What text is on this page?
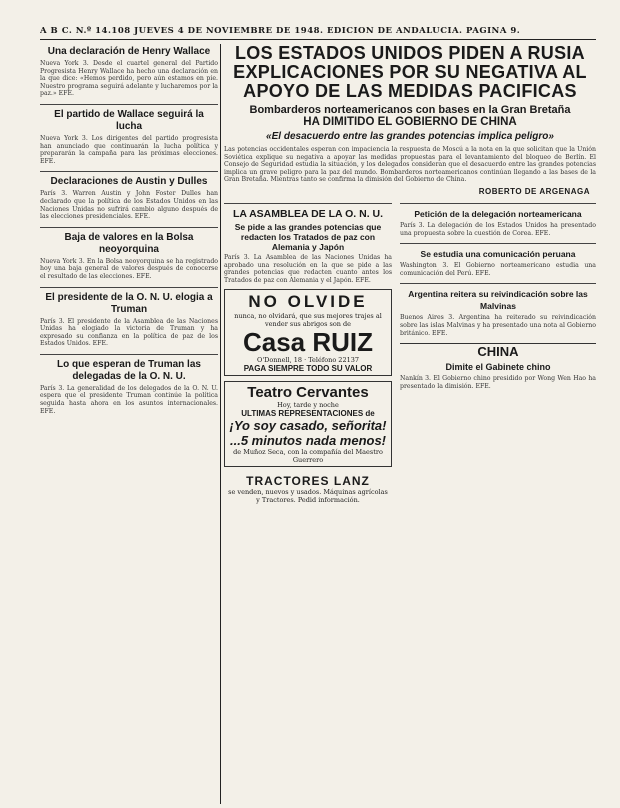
A B C. N.º 14.108 JUEVES 4 DE NOVIEMBRE DE 1948. EDICION DE ANDALUCIA. PAGINA 9.
Una declaración de Henry Wallace
Nueva York 3. Desde el cuartel general del Partido Progresista Henry Wallace ha hecho una declaración en la que dice: «Hemos perdido, pero aún estamos en pie. Nuestro programa seguirá adelante y lucharemos por la paz.» EFE.
El partido de Wallace seguirá la lucha
Nueva York 3. Los dirigentes del partido progresista han anunciado que continuarán la lucha política y prepararán la campaña para las próximas elecciones. EFE.
Declaraciones de Austin y Dulles
París 3. Warren Austin y John Foster Dulles han declarado que la política de los Estados Unidos en las Naciones Unidas no sufrirá cambio alguno después de las elecciones presidenciales. EFE.
Baja de valores en la Bolsa neoyorquina
Nueva York 3. En la Bolsa neoyorquina se ha registrado hoy una baja general de valores después de conocerse el resultado de las elecciones. EFE.
El presidente de la O. N. U. elogia a Truman
París 3. El presidente de la Asamblea de las Naciones Unidas ha elogiado la victoria de Truman y ha expresado su confianza en la política de paz de los Estados Unidos. EFE.
Lo que esperan de Truman las delegadas de la O. N. U.
París 3. La generalidad de los delegados de la O. N. U. espera que el presidente Truman continúe la política seguida hasta ahora en los asuntos internacionales. EFE.
LOS ESTADOS UNIDOS PIDEN A RUSIA EXPLICACIONES POR SU NEGATIVA AL APOYO DE LAS MEDIDAS PACIFICAS
Bombarderos norteamericanos con bases en la Gran Bretaña
HA DIMITIDO EL GOBIERNO DE CHINA
«El desacuerdo entre las grandes potencias implica peligro»
Las potencias occidentales esperan con impaciencia la respuesta de Moscú a la nota en la que solicitan que la Unión Soviética explique su negativa a apoyar las medidas propuestas para el levantamiento del bloqueo de Berlín. El Consejo de Seguridad estudia la situación, y los delegados consideran que el desacuerdo entre las grandes potencias implica un grave peligro para la paz del mundo. Bombarderos norteamericanos continúan llegando a las bases de la Gran Bretaña. Mientras tanto se confirma la dimisión del Gobierno de China.
ROBERTO DE ARGENAGA
LA ASAMBLEA DE LA O. N. U.
Se pide a las grandes potencias que redacten los Tratados de paz con Alemania y Japón
París 3. La Asamblea de las Naciones Unidas ha aprobado una resolución en la que se pide a las grandes potencias que redacten cuanto antes los Tratados de paz con Alemania y el Japón. EFE.
NO OLVIDE
nunca, no olvidará, que sus mejores trajes al vender sus abrigos son de
Casa RUIZ
O'Donnell, 18 · Teléfono 22137
PAGA SIEMPRE TODO SU VALOR
Teatro Cervantes
Hoy, tarde y noche
ULTIMAS REPRESENTACIONES de
¡Yo soy casado, señorita! ...5 minutos nada menos!
de Muñoz Seca, con la compañía del Maestro Guerrero
TRACTORES LANZ
se venden, nuevos y usados. Máquinas agrícolas y Tractores. Pedid información.
Petición de la delegación norteamericana
París 3. La delegación de los Estados Unidos ha presentado una propuesta sobre la cuestión de Corea. EFE.
Se estudia una comunicación peruana
Washington 3. El Gobierno norteamericano estudia una comunicación del Perú. EFE.
Argentina reitera su reivindicación sobre las Malvinas
Buenos Aires 3. Argentina ha reiterado su reivindicación sobre las islas Malvinas y ha presentado una nota al Gobierno británico. EFE.
CHINA
Dimite el Gabinete chino
Nankín 3. El Gobierno chino presidido por Wong Wen Hao ha presentado la dimisión. EFE.
